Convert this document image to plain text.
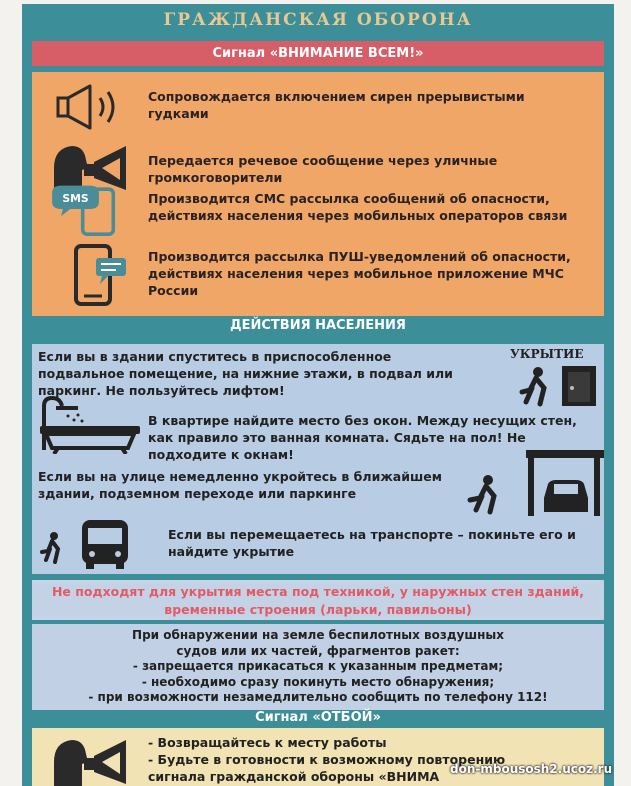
ГРАЖДАНСКАЯ ОБОРОНА
Сигнал «ВНИМАНИЕ ВСЕМ!»
Сопровождается включением сирен прерывистыми гудками
Передается речевое сообщение через уличные громкоговорители
SMS	Производится СМС рассылка сообщений об опасности, действиях населения через мобильных операторов связи
Производится рассылка ПУШ-уведомлений об опасности, действиях населения через мобильное приложение МЧС России
ДЕЙСТВИЯ НАСЕЛЕНИЯ
Если вы в здании спуститесь в приспособленное подвальное помещение, на нижние этажи, в подвал или паркинг. Не пользуйтесь лифтом!
УКРЫТИЕ
В квартире найдите место без окон. Между несущих стен, как правило это ванная комната. Сядьте на пол! Не подходите к окнам!
Если вы на улице немедленно укройтесь в ближайшем здании, подземном переходе или паркинге
Если вы перемещаетесь на транспорте – покиньте его и найдите укрытие
Не подходят для укрытия места под техникой, у наружных стен зданий, временные строения (ларьки, павильоны)
При обнаружении на земле беспилотных воздушных
судов или их частей, фрагментов ракет:
- запрещается прикасаться к указанным предметам;
- необходимо сразу покинуть место обнаружения;
- при возможности незамедлительно сообщить по телефону 112!
Сигнал «ОТБОЙ»
- Возвращайтесь к месту работы
- Будьте в готовности к возможному повторению
сигнала гражданской обороны «ВНИМА don-mbousosh2.ucoz.ru
